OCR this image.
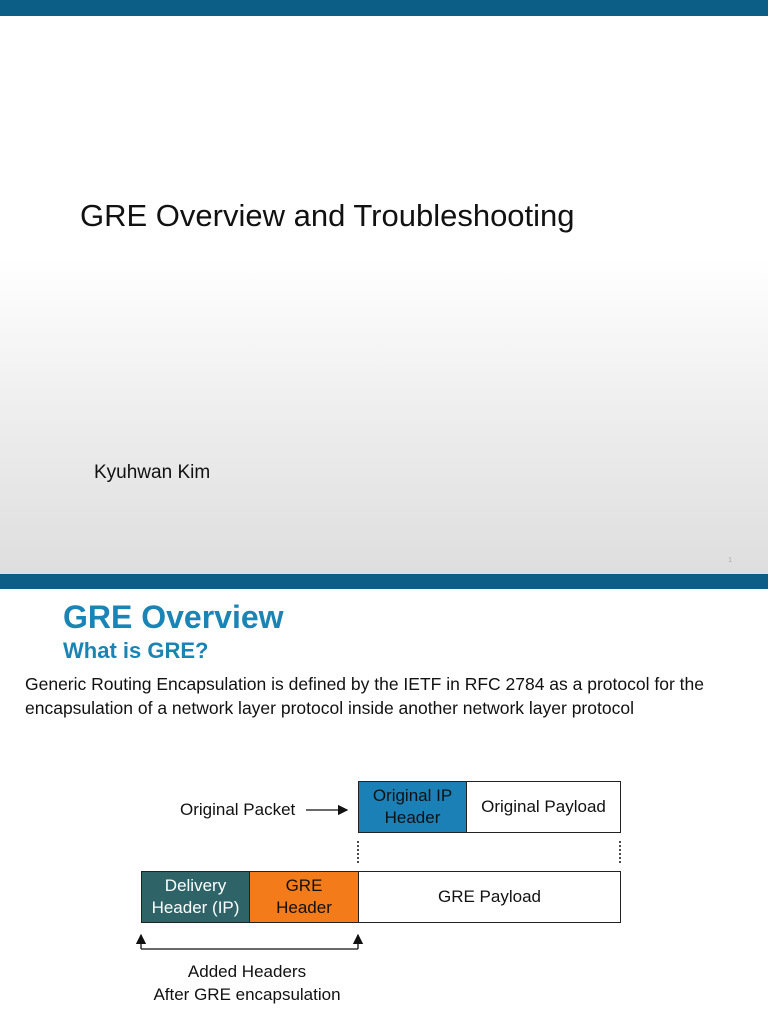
GRE Overview and Troubleshooting
Kyuhwan Kim
1
GRE Overview
What is GRE?
Generic Routing Encapsulation is defined by the IETF in RFC 2784 as a protocol for the encapsulation of a network layer protocol inside another network layer protocol
Original Packet
Original IP
Header
Original Payload
Delivery
Header (IP)
GRE
Header
GRE Payload
Added Headers
After GRE encapsulation
